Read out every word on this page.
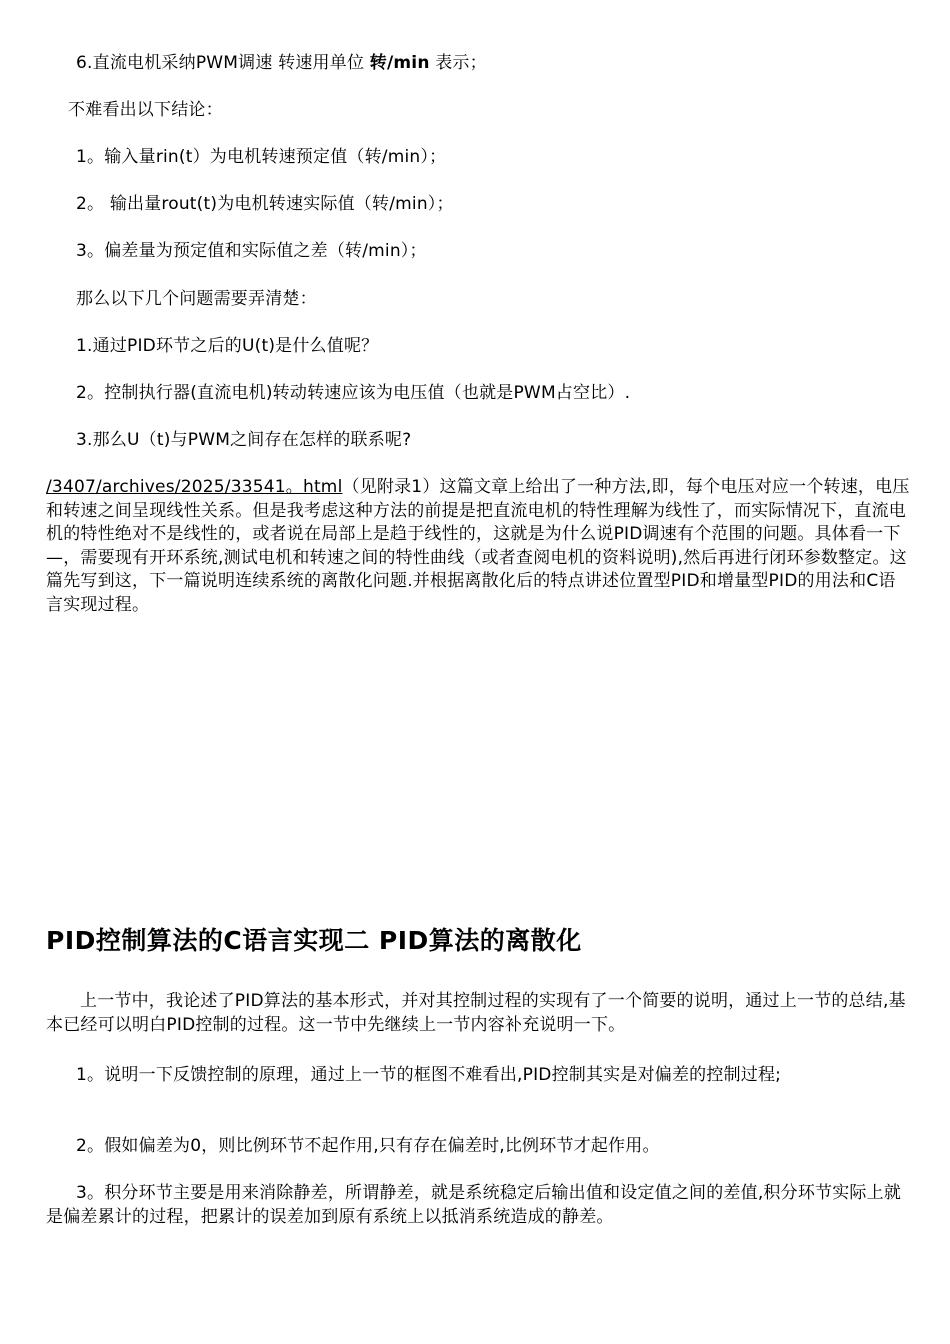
6.直流电机采纳PWM调速 转速用单位 转/min 表示；
不难看出以下结论：
1。输入量rin(t）为电机转速预定值（转/min）；
2。 输出量rout(t)为电机转速实际值（转/min）；
3。偏差量为预定值和实际值之差（转/min）；
那么以下几个问题需要弄清楚：
1.通过PID环节之后的U(t)是什么值呢？
2。控制执行器(直流电机)转动转速应该为电压值（也就是PWM占空比）.
3.那么U（t)与PWM之间存在怎样的联系呢?

/3407/archives/2025/33541。html（见附录1）这篇文章上给出了一种方法,即，每个电压对应一个转速，电压和转速之间呈现线性关系。但是我考虑这种方法的前提是把直流电机的特性理解为线性了，而实际情况下，直流电机的特性绝对不是线性的，或者说在局部上是趋于线性的，这就是为什么说PID调速有个范围的问题。具体看一下—，需要现有开环系统,测试电机和转速之间的特性曲线（或者查阅电机的资料说明),然后再进行闭环参数整定。这篇先写到这，下一篇说明连续系统的离散化问题.并根据离散化后的特点讲述位置型PID和增量型PID的用法和C语言实现过程。

PID控制算法的C语言实现二 PID算法的离散化

上一节中，我论述了PID算法的基本形式，并对其控制过程的实现有了一个简要的说明，通过上一节的总结,基本已经可以明白PID控制的过程。这一节中先继续上一节内容补充说明一下。

1。说明一下反馈控制的原理，通过上一节的框图不难看出,PID控制其实是对偏差的控制过程;

2。假如偏差为0，则比例环节不起作用,只有存在偏差时,比例环节才起作用。

3。积分环节主要是用来消除静差，所谓静差，就是系统稳定后输出值和设定值之间的差值,积分环节实际上就是偏差累计的过程，把累计的误差加到原有系统上以抵消系统造成的静差。
